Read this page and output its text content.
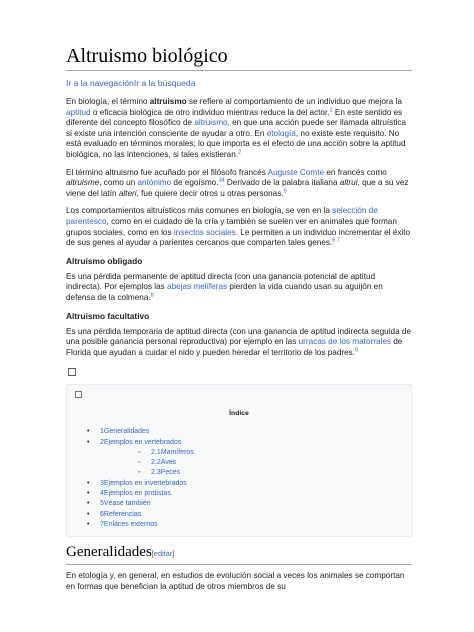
Altruismo biológico
Ir a la navegaciónIr a la búsqueda

En biología, el término altruismo se refiere al comportamiento de un individuo que mejora la aptitud o eficacia biológica de otro individuo mientras reduce la del actor.$^1$ En este sentido es diferente del concepto filosófico de altruismo, en que una acción puede ser llamada altruística si existe una intención consciente de ayudar a otro. En etología, no existe este requisito. No está evaluado en términos morales; lo que importa es el efecto de una acción sobre la aptitud biológica, no las intenciones, si tales existieran.$^2$

El término altruismo fue acuñado por el filósofo francés Auguste Comte en francés como altruisme, como un antónimo de egoísmo.$^{34}$ Derivado de la palabra italiana altrui, que a su vez viene del latín alteri, fue quiere decir otros u otras personas.$^5$

Los comportamientos altruísticos más comunes en biología, se ven en la selección de parentesco, como en el cuidado de la cría y también se suelen ver en animales que forman grupos sociales, como en los insectos sociales. Le permiten a un individuo incrementar el éxito de sus genes al ayudar a parientes cercanos que comparten tales genes.$^{6 7}$

Altruismo obligado

Es una pérdida permanente de aptitud directa (con una ganancia potencial de aptitud indirecta). Por ejemplos las abejas melíferas pierden la vida cuando usan su aguijón en defensa de la colmena.$^8$

Altruismo facultativo

Es una pérdida temporaria de aptitud directa (con una ganancia de aptitud indirecta seguida de una posible ganancia personal reproductiva) por ejemplo en las urracas de los matorrales de Florida que ayudan a cuidar el nido y pueden heredar el territorio de los padres.$^9$

Índice
• 1Generalidades
• 2Ejemplos en vertebrados
◦ 2.1Mamíferos
◦ 2.2Aves
◦ 2.3Peces
• 3Ejemplos en invertebrados
• 4Ejemplos en protistas
• 5Véase también
• 6Referencias
• 7Enlaces externos
Generalidades[editar]

En etología y, en general, en estudios de evolución social a veces los animales se comportan en formas que benefician la aptitud de otros miembros de su
